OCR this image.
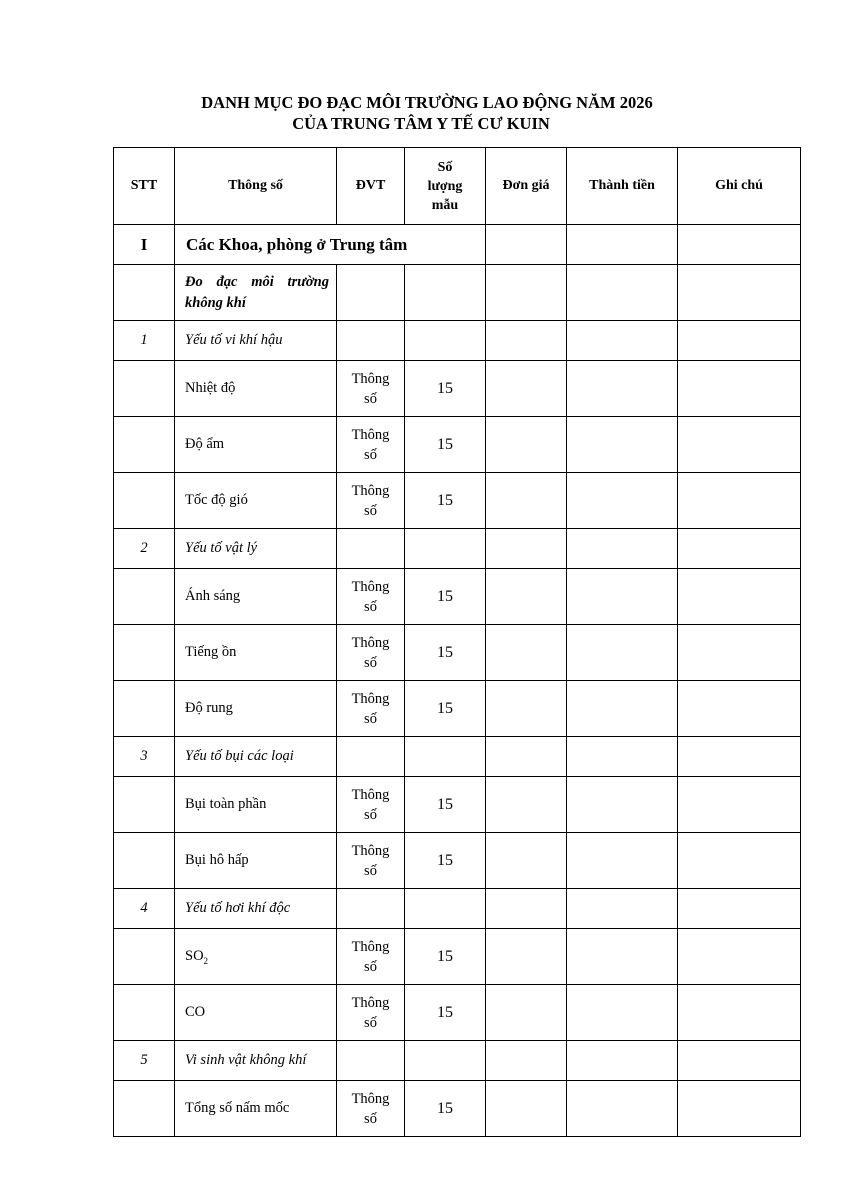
DANH MỤC ĐO ĐẠC MÔI TRƯỜNG LAO ĐỘNG NĂM 2026
CỦA TRUNG TÂM Y TẾ CƯ KUIN
STT	Thông số	ĐVT	Số
lượng
mẫu	Đơn giá	Thành tiền	Ghi chú
I	Các Khoa, phòng ở Trung tâm					
	Đo đạc môi trường không khí					
1	Yếu tố vi khí hậu					
	Nhiệt độ	Thông
số	15			
	Độ ẩm	Thông
số	15			
	Tốc độ gió	Thông
số	15			
2	Yếu tố vật lý					
	Ánh sáng	Thông
số	15			
	Tiếng ồn	Thông
số	15			
	Độ rung	Thông
số	15			
3	Yếu tố bụi các loại					
	Bụi toàn phần	Thông
số	15			
	Bụi hô hấp	Thông
số	15			
4	Yếu tố hơi khí độc					
	$SO_2$	Thông
số	15			
	CO	Thông
số	15			
5	Vi sinh vật không khí					
	Tổng số nấm mốc	Thông
số	15			
